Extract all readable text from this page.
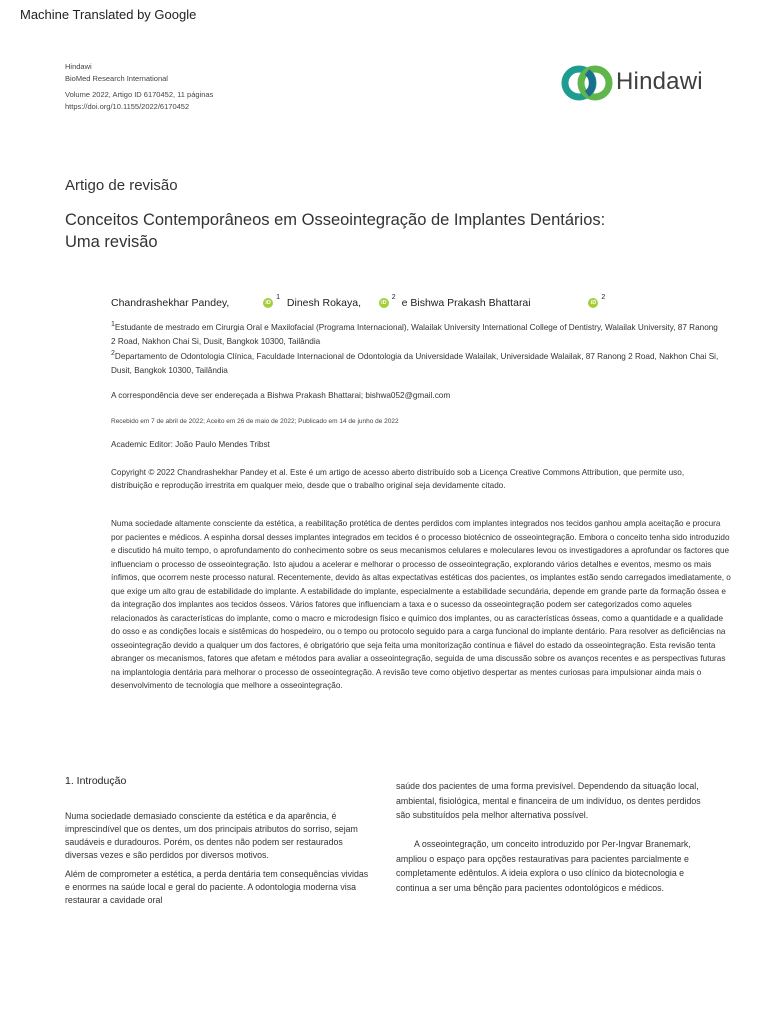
Machine Translated by Google
Hindawi
BioMed Research International
Volume 2022, Artigo ID 6170452, 11 páginas
https://doi.org/10.1155/2022/6170452
Hindawi
Artigo de revisão
Conceitos Contemporâneos em Osseointegração de Implantes Dentários:
Uma revisão
Chandrashekhar Pandey,	iD $^1$ Dinesh Rokaya,	iD $^2$ e Bishwa Prakash Bhattarai	iD $^2$
1Estudante de mestrado em Cirurgia Oral e Maxilofacial (Programa Internacional), Walailak University International College of Dentistry, Walailak University, 87 Ranong 2 Road, Nakhon Chai Si, Dusit, Bangkok 10300, Tailândia
2Departamento de Odontologia Clínica, Faculdade Internacional de Odontologia da Universidade Walailak, Universidade Walailak, 87 Ranong 2 Road, Nakhon Chai Si, Dusit, Bangkok 10300, Tailândia
A correspondência deve ser endereçada a Bishwa Prakash Bhattarai; bishwa052@gmail.com
Recebido em 7 de abril de 2022; Aceito em 26 de maio de 2022; Publicado em 14 de junho de 2022
Academic Editor: João Paulo Mendes Tribst
Copyright © 2022 Chandrashekhar Pandey et al. Este é um artigo de acesso aberto distribuído sob a Licença Creative Commons Attribution, que permite uso, distribuição e reprodução irrestrita em qualquer meio, desde que o trabalho original seja devidamente citado.
Numa sociedade altamente consciente da estética, a reabilitação protética de dentes perdidos com implantes integrados nos tecidos ganhou ampla aceitação e procura por pacientes e médicos. A espinha dorsal desses implantes integrados em tecidos é o processo biotécnico de osseointegração. Embora o conceito tenha sido introduzido e discutido há muito tempo, o aprofundamento do conhecimento sobre os seus mecanismos celulares e moleculares levou os investigadores a aprofundar os factores que influenciam o processo de osseointegração. Isto ajudou a acelerar e melhorar o processo de osseointegração, explorando vários detalhes e eventos, mesmo os mais ínfimos, que ocorrem neste processo natural. Recentemente, devido às altas expectativas estéticas dos pacientes, os implantes estão sendo carregados imediatamente, o que exige um alto grau de estabilidade do implante. A estabilidade do implante, especialmente a estabilidade secundária, depende em grande parte da formação óssea e da integração dos implantes aos tecidos ósseos. Vários fatores que influenciam a taxa e o sucesso da osseointegração podem ser categorizados como aqueles relacionados às características do implante, como o macro e microdesign físico e químico dos implantes, ou as características ósseas, como a quantidade e a qualidade do osso e as condições locais e sistêmicas do hospedeiro, ou o tempo ou protocolo seguido para a carga funcional do implante dentário. Para resolver as deficiências na osseointegração devido a qualquer um dos factores, é obrigatório que seja feita uma monitorização contínua e fiável do estado da osseointegração. Esta revisão tenta abranger os mecanismos, fatores que afetam e métodos para avaliar a osseointegração, seguida de uma discussão sobre os avanços recentes e as perspectivas futuras na implantologia dentária para melhorar o processo de osseointegração. A revisão teve como objetivo despertar as mentes curiosas para impulsionar ainda mais o desenvolvimento de tecnologia que melhore a osseointegração.
1. Introdução

Numa sociedade demasiado consciente da estética e da aparência, é imprescindível que os dentes, um dos principais atributos do sorriso, sejam saudáveis e duradouros. Porém, os dentes não podem ser restaurados diversas vezes e são perdidos por diversos motivos.

Além de comprometer a estética, a perda dentária tem consequências vividas e enormes na saúde local e geral do paciente. A odontologia moderna visa restaurar a cavidade oral

saúde dos pacientes de uma forma previsível. Dependendo da situação local, ambiental, fisiológica, mental e financeira de um indivíduo, os dentes perdidos são substituídos pela melhor alternativa possível.

A osseointegração, um conceito introduzido por Per-Ingvar Branemark, ampliou o espaço para opções restaurativas para pacientes parcialmente e completamente edêntulos. A ideia explora o uso clínico da biotecnologia e continua a ser uma bênção para pacientes odontológicos e médicos.
